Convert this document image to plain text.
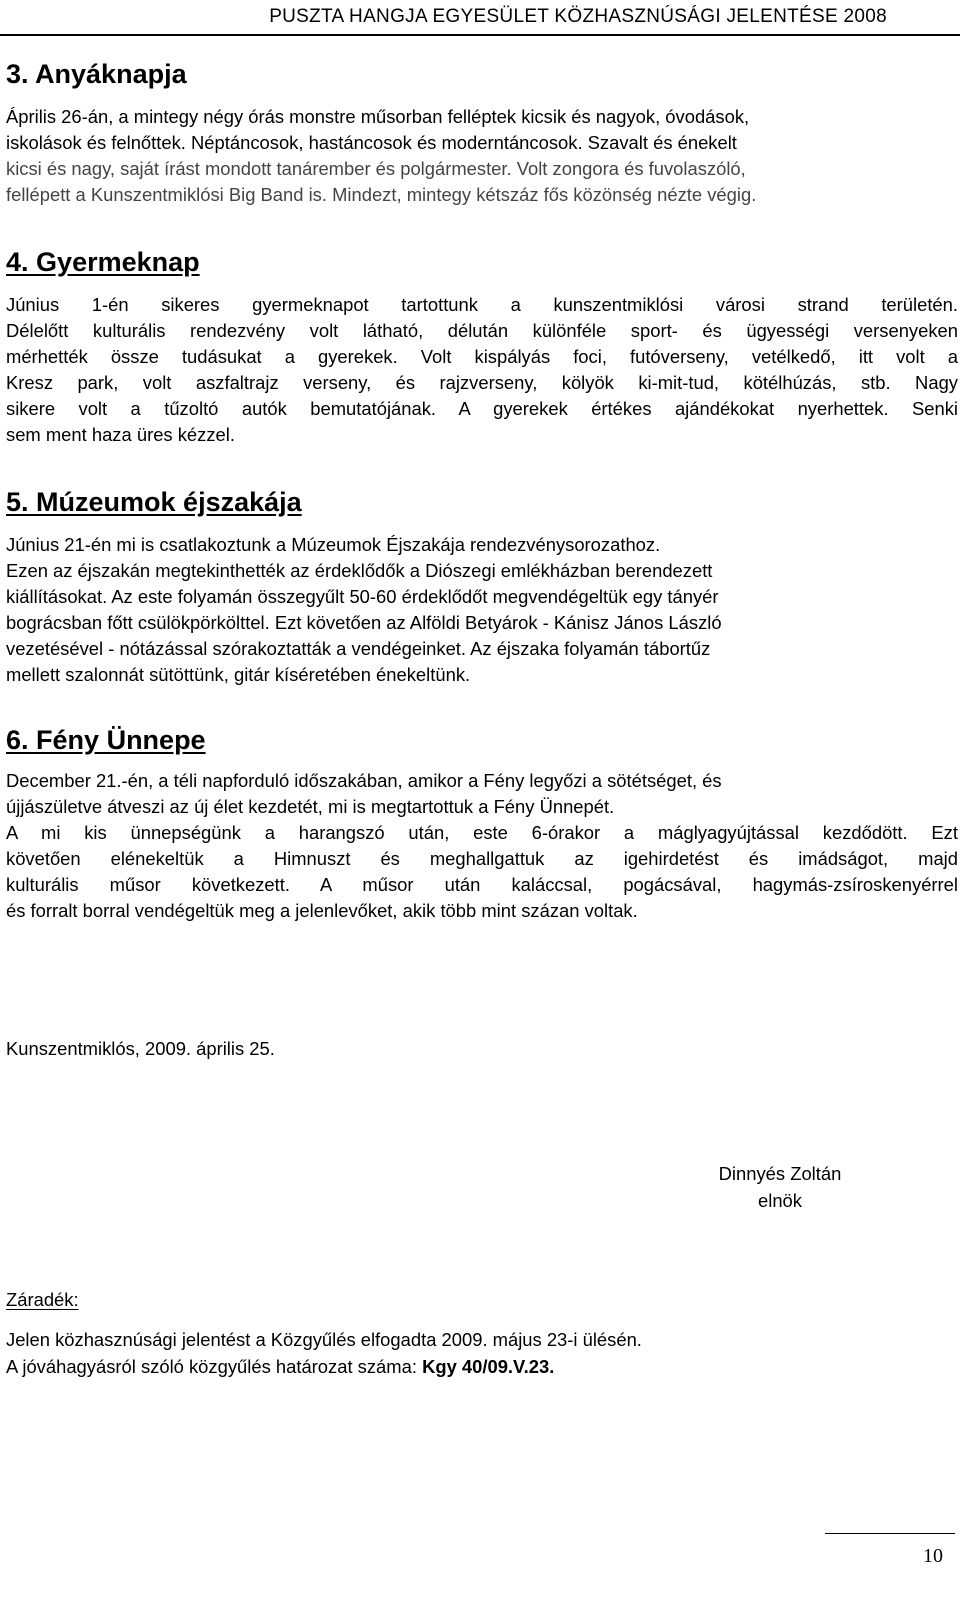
PUSZTA HANGJA EGYESÜLET KÖZHASZNÚSÁGI JELENTÉSE 2008
3. Anyáknapja

Április 26-án, a mintegy négy órás monstre műsorban felléptek kicsik és nagyok, óvodások,
iskolások és felnőttek. Néptáncosok, hastáncosok és moderntáncosok. Szavalt és énekelt
kicsi és nagy, saját írást mondott tanárember és polgármester. Volt zongora és fuvolaszóló,
fellépett a Kunszentmiklósi Big Band is. Mindezt, mintegy kétszáz fős közönség nézte végig.

4. Gyermeknap

Június 1-én sikeres gyermeknapot tartottunk a kunszentmiklósi városi strand területén.
Délelőtt kulturális rendezvény volt látható, délután különféle sport- és ügyességi versenyeken
mérhették össze tudásukat a gyerekek. Volt kispályás foci, futóverseny, vetélkedő, itt volt a
Kresz park, volt aszfaltrajz verseny, és rajzverseny, kölyök ki-mit-tud, kötélhúzás, stb. Nagy
sikere volt a tűzoltó autók bemutatójának. A gyerekek értékes ajándékokat nyerhettek. Senki
sem ment haza üres kézzel.

5. Múzeumok éjszakája

Június 21-én mi is csatlakoztunk a Múzeumok Éjszakája rendezvénysorozathoz.
Ezen az éjszakán megtekinthették az érdeklődők a Diószegi emlékházban berendezett
kiállításokat. Az este folyamán összegyűlt 50-60 érdeklődőt megvendégeltük egy tányér
bográcsban főtt csülökpörkölttel. Ezt követően az Alföldi Betyárok - Kánisz János László
vezetésével - nótázással szórakoztatták a vendégeinket. Az éjszaka folyamán tábortűz
mellett szalonnát sütöttünk, gitár kíséretében énekeltünk.

6. Fény Ünnepe

December 21.-én, a téli napforduló időszakában, amikor a Fény legyőzi a sötétséget, és
újjászületve átveszi az új élet kezdetét, mi is megtartottuk a Fény Ünnepét.
A mi kis ünnepségünk a harangszó után, este 6-órakor a máglyagyújtással kezdődött. Ezt
követően elénekeltük a Himnuszt és meghallgattuk az igehirdetést és imádságot, majd
kulturális műsor következett. A műsor után kaláccsal, pogácsával, hagymás-zsíroskenyérrel
és forralt borral vendégeltük meg a jelenlevőket, akik több mint százan voltak.

Kunszentmiklós, 2009. április 25.
Dinnyés Zoltán
elnök
Záradék:
Jelen közhasznúsági jelentést a Közgyűlés elfogadta 2009. május 23-i ülésén.
A jóváhagyásról szóló közgyűlés határozat száma: Kgy 40/09.V.23.
10
